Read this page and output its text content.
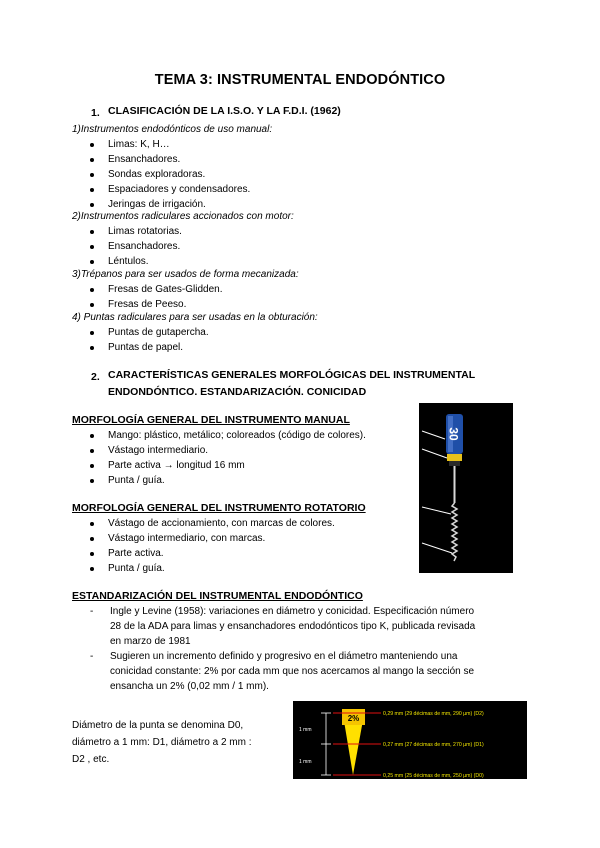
TEMA 3: INSTRUMENTAL ENDODÓNTICO
1. CLASIFICACIÓN DE LA I.S.O. Y LA F.D.I. (1962)
1)Instrumentos endodónticos de uso manual:
Limas: K, H…
Ensanchadores.
Sondas exploradoras.
Espaciadores y condensadores.
Jeringas de irrigación.
2)Instrumentos radiculares accionados con motor:
Limas rotatorias.
Ensanchadores.
Léntulos.
3)Trépanos para ser usados de forma mecanizada:
Fresas de Gates-Glidden.
Fresas de Peeso.
4) Puntas radiculares para ser usadas en la obturación:
Puntas de gutapercha.
Puntas de papel.
2. CARACTERÍSTICAS GENERALES MORFOLÓGICAS DEL INSTRUMENTAL
ENDONDÓNTICO. ESTANDARIZACIÓN. CONICIDAD
MORFOLOGÍA GENERAL DEL INSTRUMENTO MANUAL
Mango: plástico, metálico; coloreados (código de colores).
Vástago intermediario.
Parte activa → longitud 16 mm
Punta / guía.
MORFOLOGÍA GENERAL DEL INSTRUMENTO ROTATORIO
Vástago de accionamiento, con marcas de colores.
Vástago intermediario, con marcas.
Parte activa.
Punta / guía.
30
ESTANDARIZACIÓN DEL INSTRUMENTAL ENDODÓNTICO
- Ingle y Levine (1958): variaciones en diámetro y conicidad. Especificación número
28 de la ADA para limas y ensanchadores endodónticos tipo K, publicada revisada
en marzo de 1981
- Sugieren un incremento definido y progresivo en el diámetro manteniendo una
conicidad constante: 2% por cada mm que nos acercamos al mango la sección se
ensancha un 2% (0,02 mm / 1 mm).
Diámetro de la punta se denomina D0,
diámetro a 1 mm: D1, diámetro a 2 mm :
D2 , etc.
2%
1 mm
1 mm
0,29 mm (29 décimas de mm, 290 µm) (D2)
0,27 mm (27 décimas de mm, 270 µm) (D1)
0,25 mm (25 décimas de mm, 250 µm) (D0)
